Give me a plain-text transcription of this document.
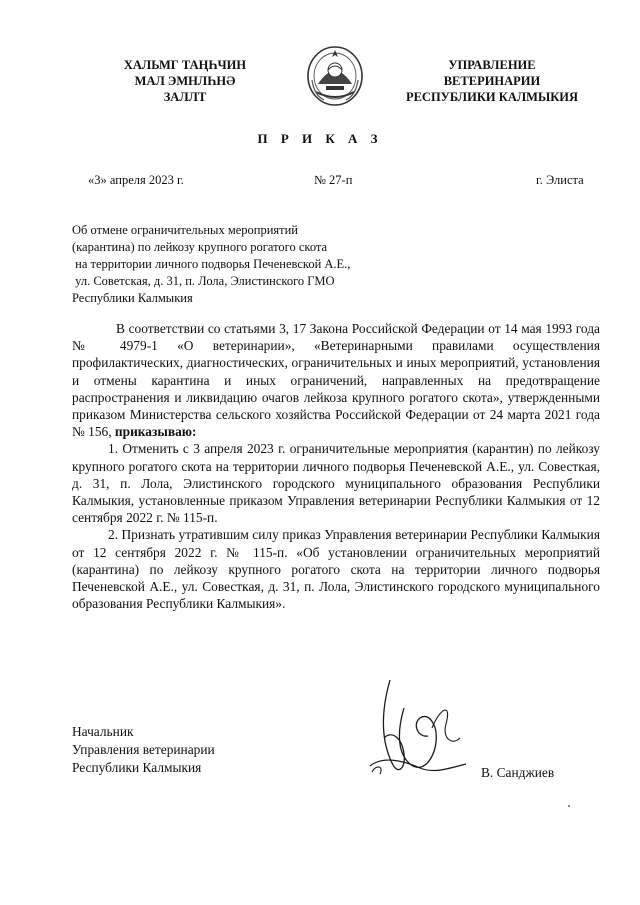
ХАЛЬМГ ТАҢҺЧИН
МАЛ ЭМНЛҺНӘ
ЗАЛЛТ
УПРАВЛЕНИЕ
ВЕТЕРИНАРИИ
РЕСПУБЛИКИ КАЛМЫКИЯ
П Р И К А З
«3» апреля 2023 г.	№ 27-п	г. Элиста
Об отмене ограничительных мероприятий
(карантина) по лейкозу крупного рогатого скота
на территории личного подворья Печеневской А.Е.,
ул. Советская, д. 31, п. Лола, Элистинского ГМО
Республики Калмыкия

В соответствии со статьями 3, 17 Закона Российской Федерации от 14 мая 1993 года № 4979-1 «О ветеринарии», «Ветеринарными правилами осуществления профилактических, диагностических, ограничительных и иных мероприятий, установления и отмены карантина и иных ограничений, направленных на предотвращение распространения и ликвидацию очагов лейкоза крупного рогатого скота», утвержденными приказом Министерства сельского хозяйства Российской Федерации от 24 марта 2021 года № 156, приказываю:

1. Отменить с 3 апреля 2023 г. ограничительные мероприятия (карантин) по лейкозу крупного рогатого скота на территории личного подворья Печеневской А.Е., ул. Совесткая, д. 31, п. Лола, Элистинского городского муниципального образования Республики Калмыкия, установленные приказом Управления ветеринарии Республики Калмыкия от 12 сентября 2022 г. № 115-п.

2. Признать утратившим силу приказ Управления ветеринарии Республики Калмыкия от 12 сентября 2022 г. № 115-п. «Об установлении ограничительных мероприятий (карантина) по лейкозу крупного рогатого скота на территории личного подворья Печеневской А.Е., ул. Совесткая, д. 31, п. Лола, Элистинского городского муниципального образования Республики Калмыкия».

Начальник
Управления ветеринарии
Республики Калмыкия	В. Санджиев
